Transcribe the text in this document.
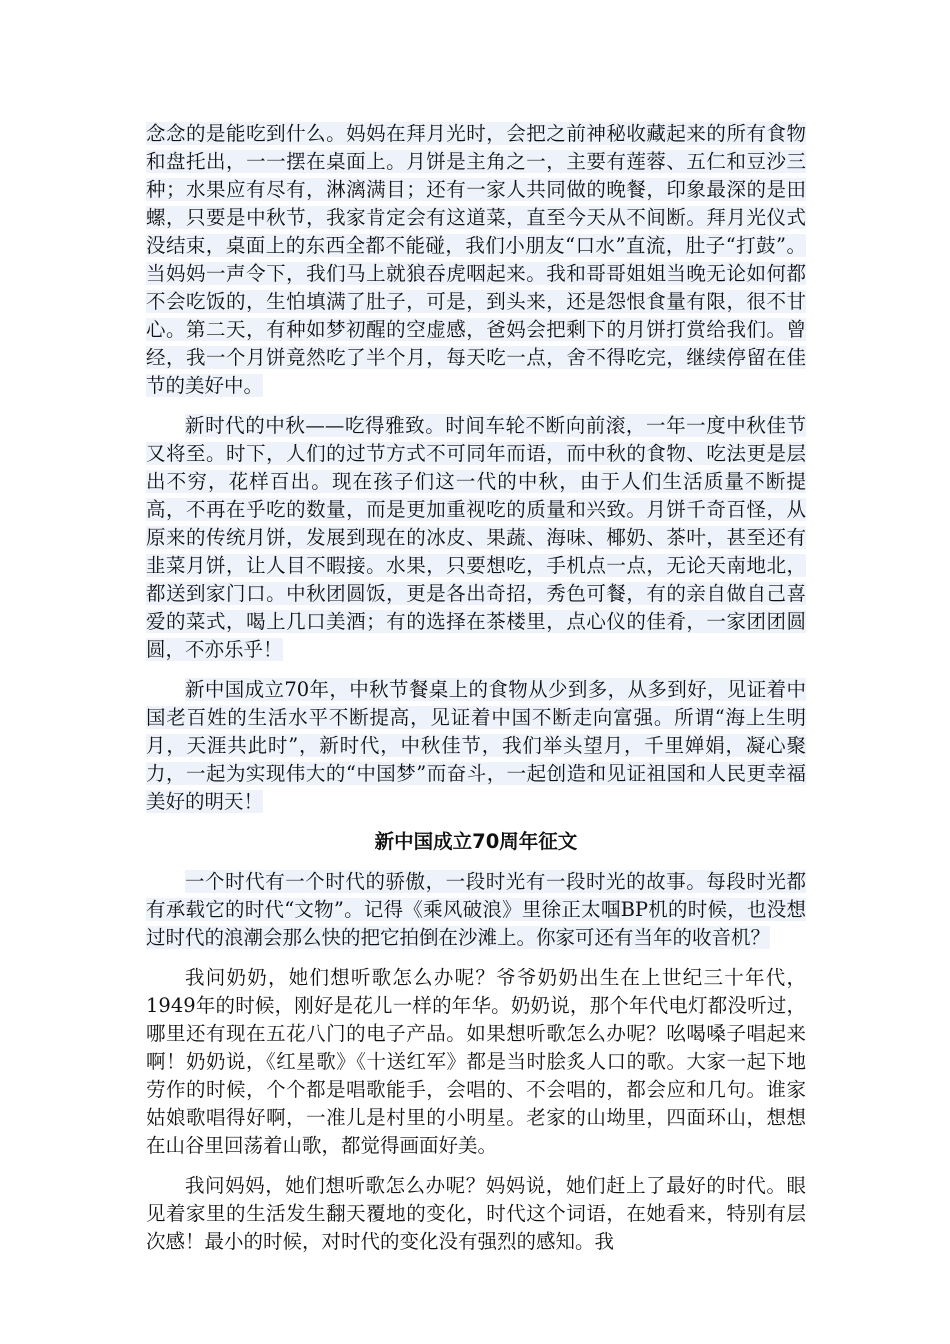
念念的是能吃到什么。妈妈在拜月光时，会把之前神秘收藏起来的所有食物和盘托出，一一摆在桌面上。月饼是主角之一，主要有莲蓉、五仁和豆沙三种；水果应有尽有，淋漓满目；还有一家人共同做的晚餐，印象最深的是田螺，只要是中秋节，我家肯定会有这道菜，直至今天从不间断。拜月光仪式没结束，桌面上的东西全都不能碰，我们小朋友“口水”直流，肚子“打鼓”。当妈妈一声令下，我们马上就狼吞虎咽起来。我和哥哥姐姐当晚无论如何都不会吃饭的，生怕填满了肚子，可是，到头来，还是怨恨食量有限，很不甘心。第二天，有种如梦初醒的空虚感，爸妈会把剩下的月饼打赏给我们。曾经，我一个月饼竟然吃了半个月，每天吃一点，舍不得吃完，继续停留在佳节的美好中。

新时代的中秋——吃得雅致。时间车轮不断向前滚，一年一度中秋佳节又将至。时下，人们的过节方式不可同年而语，而中秋的食物、吃法更是层出不穷，花样百出。现在孩子们这一代的中秋，由于人们生活质量不断提高，不再在乎吃的数量，而是更加重视吃的质量和兴致。月饼千奇百怪，从原来的传统月饼，发展到现在的冰皮、果蔬、海味、椰奶、茶叶，甚至还有韭菜月饼，让人目不暇接。水果，只要想吃，手机点一点，无论天南地北，都送到家门口。中秋团圆饭，更是各出奇招，秀色可餐，有的亲自做自己喜爱的菜式，喝上几口美酒；有的选择在茶楼里，点心仪的佳肴，一家团团圆圆，不亦乐乎！

新中国成立70年，中秋节餐桌上的食物从少到多，从多到好，见证着中国老百姓的生活水平不断提高，见证着中国不断走向富强。所谓“海上生明月，天涯共此时”，新时代，中秋佳节，我们举头望月，千里婵娟，凝心聚力，一起为实现伟大的“中国梦”而奋斗，一起创造和见证祖国和人民更幸福美好的明天！

新中国成立70周年征文

一个时代有一个时代的骄傲，一段时光有一段时光的故事。每段时光都有承载它的时代“文物”。记得《乘风破浪》里徐正太啯BP机的时候，也没想过时代的浪潮会那么快的把它拍倒在沙滩上。你家可还有当年的收音机？

我问奶奶，她们想听歌怎么办呢？爷爷奶奶出生在上世纪三十年代，1949年的时候，刚好是花儿一样的年华。奶奶说，那个年代电灯都没听过，哪里还有现在五花八门的电子产品。如果想听歌怎么办呢？吆喝嗓子唱起来啊！奶奶说，《红星歌》《十送红军》都是当时脍炙人口的歌。大家一起下地劳作的时候，个个都是唱歌能手，会唱的、不会唱的，都会应和几句。谁家姑娘歌唱得好啊，一准儿是村里的小明星。老家的山坳里，四面环山，想想在山谷里回荡着山歌，都觉得画面好美。

我问妈妈，她们想听歌怎么办呢？妈妈说，她们赶上了最好的时代。眼见着家里的生活发生翻天覆地的变化，时代这个词语，在她看来，特别有层次感！最小的时候，对时代的变化没有强烈的感知。我
